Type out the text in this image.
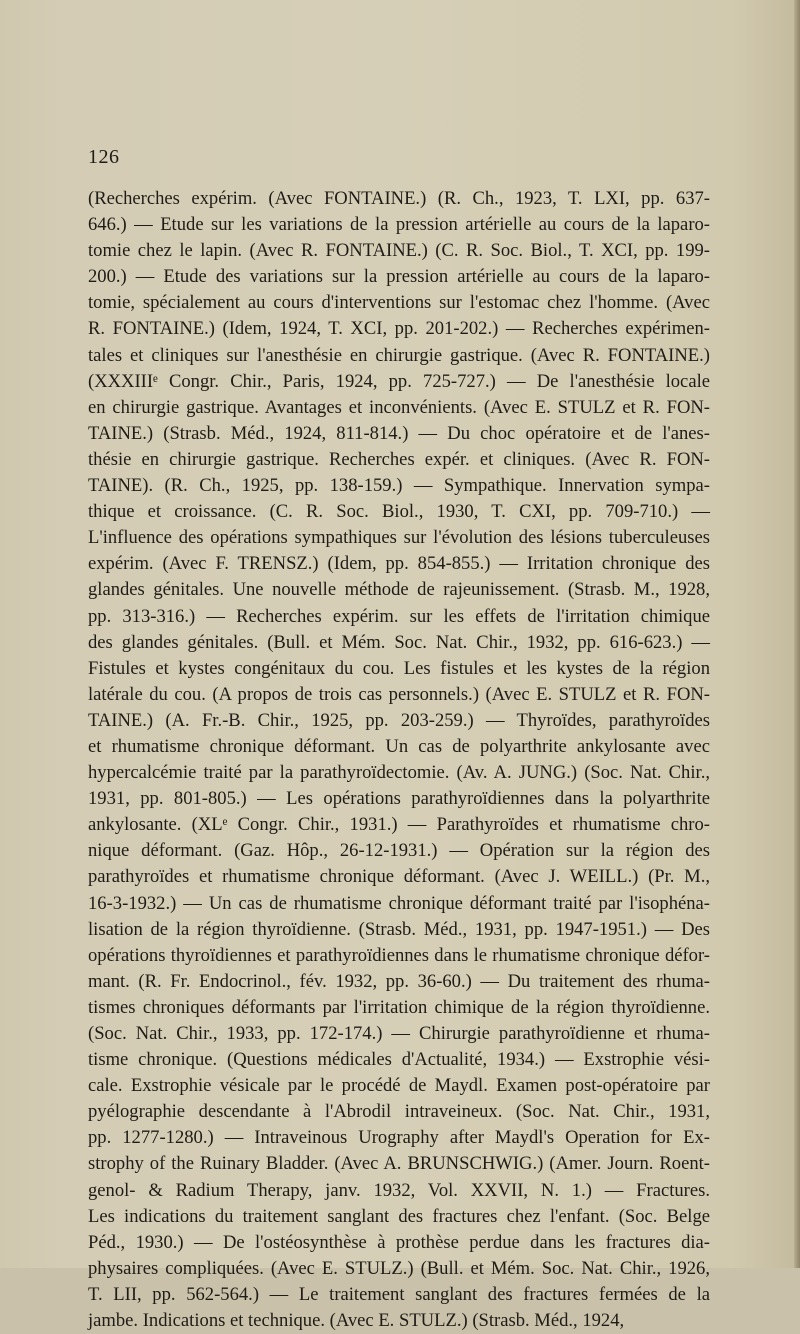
126
(Recherches expérim. (Avec FONTAINE.) (R. Ch., 1923, T. LXI, pp. 637-
646.) — Etude sur les variations de la pression artérielle au cours de la laparo-
tomie chez le lapin. (Avec R. FONTAINE.) (C. R. Soc. Biol., T. XCI, pp. 199-
200.) — Etude des variations sur la pression artérielle au cours de la laparo-
tomie, spécialement au cours d'interventions sur l'estomac chez l'homme. (Avec
R. FONTAINE.) (Idem, 1924, T. XCI, pp. 201-202.) — Recherches expérimen-
tales et cliniques sur l'anesthésie en chirurgie gastrique. (Avec R. FONTAINE.)
(XXXIIIᵉ Congr. Chir., Paris, 1924, pp. 725-727.) — De l'anesthésie locale
en chirurgie gastrique. Avantages et inconvénients. (Avec E. STULZ et R. FON-
TAINE.) (Strasb. Méd., 1924, 811-814.) — Du choc opératoire et de l'anes-
thésie en chirurgie gastrique. Recherches expér. et cliniques. (Avec R. FON-
TAINE). (R. Ch., 1925, pp. 138-159.) — Sympathique. Innervation sympa-
thique et croissance. (C. R. Soc. Biol., 1930, T. CXI, pp. 709-710.) —
L'influence des opérations sympathiques sur l'évolution des lésions tuberculeuses
expérim. (Avec F. TRENSZ.) (Idem, pp. 854-855.) — Irritation chronique des
glandes génitales. Une nouvelle méthode de rajeunissement. (Strasb. M., 1928,
pp. 313-316.) — Recherches expérim. sur les effets de l'irritation chimique
des glandes génitales. (Bull. et Mém. Soc. Nat. Chir., 1932, pp. 616-623.) —
Fistules et kystes congénitaux du cou. Les fistules et les kystes de la région
latérale du cou. (A propos de trois cas personnels.) (Avec E. STULZ et R. FON-
TAINE.) (A. Fr.-B. Chir., 1925, pp. 203-259.) — Thyroïdes, parathyroïdes
et rhumatisme chronique déformant. Un cas de polyarthrite ankylosante avec
hypercalcémie traité par la parathyroïdectomie. (Av. A. JUNG.) (Soc. Nat. Chir.,
1931, pp. 801-805.) — Les opérations parathyroïdiennes dans la polyarthrite
ankylosante. (XLᵉ Congr. Chir., 1931.) — Parathyroïdes et rhumatisme chro-
nique déformant. (Gaz. Hôp., 26-12-1931.) — Opération sur la région des
parathyroïdes et rhumatisme chronique déformant. (Avec J. WEILL.) (Pr. M.,
16-3-1932.) — Un cas de rhumatisme chronique déformant traité par l'isophéna-
lisation de la région thyroïdienne. (Strasb. Méd., 1931, pp. 1947-1951.) — Des
opérations thyroïdiennes et parathyroïdiennes dans le rhumatisme chronique défor-
mant. (R. Fr. Endocrinol., fév. 1932, pp. 36-60.) — Du traitement des rhuma-
tismes chroniques déformants par l'irritation chimique de la région thyroïdienne.
(Soc. Nat. Chir., 1933, pp. 172-174.) — Chirurgie parathyroïdienne et rhuma-
tisme chronique. (Questions médicales d'Actualité, 1934.) — Exstrophie vési-
cale. Exstrophie vésicale par le procédé de Maydl. Examen post-opératoire par
pyélographie descendante à l'Abrodil intraveineux. (Soc. Nat. Chir., 1931,
pp. 1277-1280.) — Intraveinous Urography after Maydl's Operation for Ex-
strophy of the Ruinary Bladder. (Avec A. BRUNSCHWIG.) (Amer. Journ. Roent-
genol- & Radium Therapy, janv. 1932, Vol. XXVII, N. 1.) — Fractures.
Les indications du traitement sanglant des fractures chez l'enfant. (Soc. Belge
Péd., 1930.) — De l'ostéosynthèse à prothèse perdue dans les fractures dia-
physaires compliquées. (Avec E. STULZ.) (Bull. et Mém. Soc. Nat. Chir., 1926,
T. LII, pp. 562-564.) — Le traitement sanglant des fractures fermées de la
jambe. Indications et technique. (Avec E. STULZ.) (Strasb. Méd., 1924,
